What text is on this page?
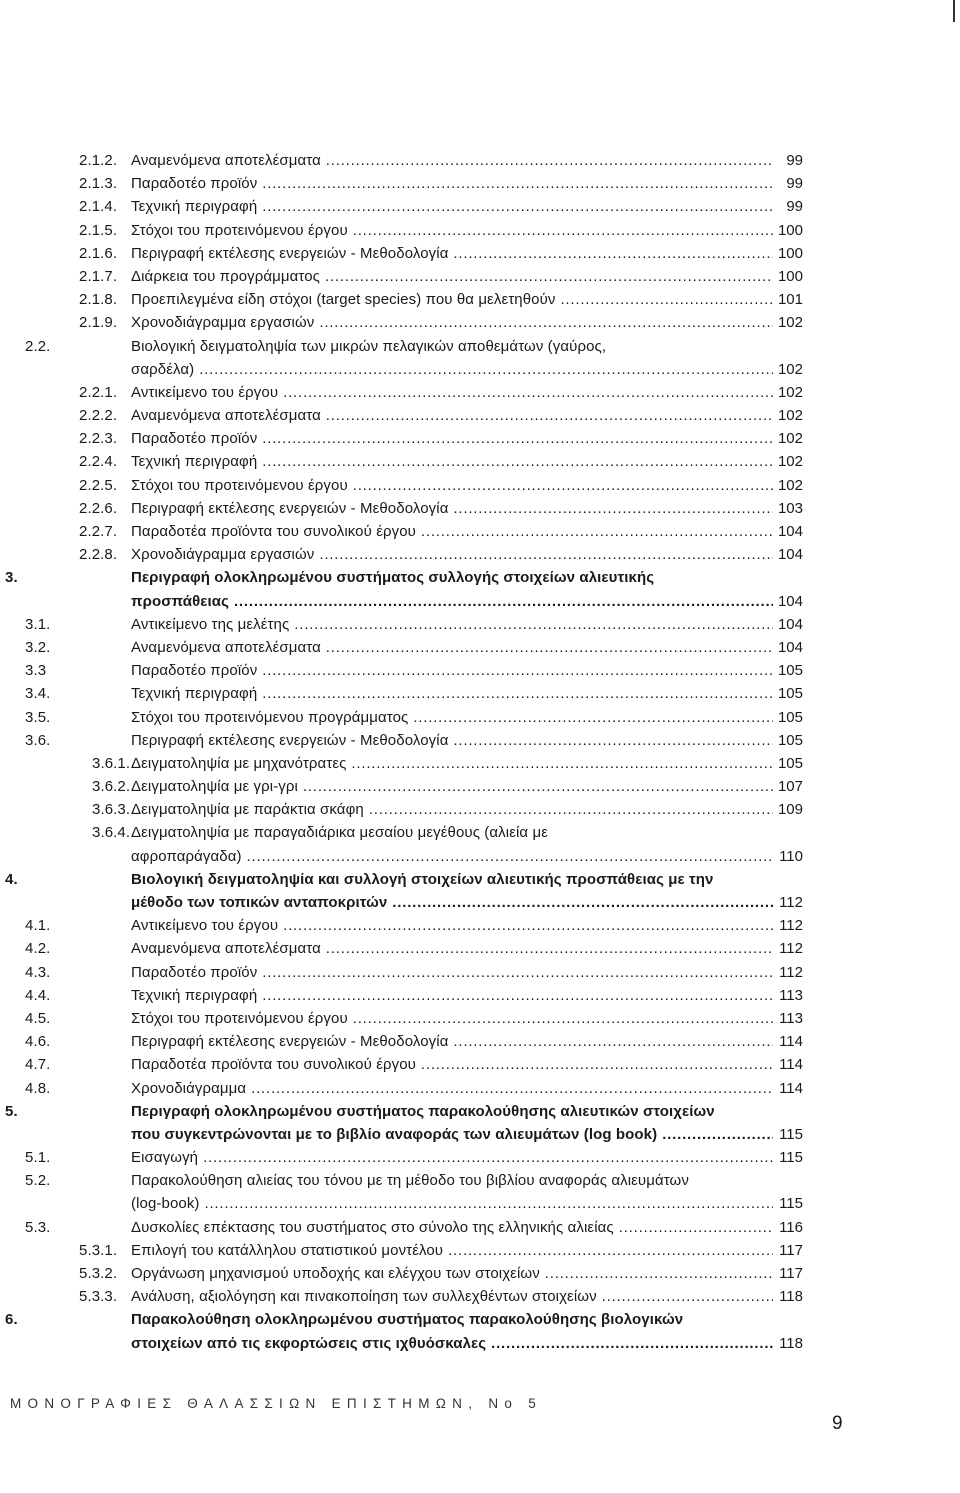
2.1.2. Αναμενόμενα αποτελέσματα .....	99
2.1.3. Παραδοτέο προϊόν .....	99
2.1.4. Τεχνική περιγραφή .....	99
2.1.5. Στόχοι του προτεινόμενου έργου .....	100
2.1.6. Περιγραφή εκτέλεσης ενεργειών - Μεθοδολογία .....	100
2.1.7. Διάρκεια του προγράμματος .....	100
2.1.8. Προεπιλεγμένα είδη στόχοι (target species) που θα μελετηθούν .....	101
2.1.9. Χρονοδιάγραμμα εργασιών .....	102
2.2.	Βιολογική δειγματοληψία των μικρών πελαγικών αποθεμάτων (γαύρος,
σαρδέλα) .....	102
2.2.1. Αντικείμενο του έργου .....	102
2.2.2. Αναμενόμενα αποτελέσματα .....	102
2.2.3. Παραδοτέο προϊόν .....	102
2.2.4. Τεχνική περιγραφή .....	102
2.2.5. Στόχοι του προτεινόμενου έργου .....	102
2.2.6. Περιγραφή εκτέλεσης ενεργειών - Μεθοδολογία .....	103
2.2.7. Παραδοτέα προϊόντα του συνολικού έργου .....	104
2.2.8. Χρονοδιάγραμμα εργασιών .....	104
3.	Περιγραφή ολοκληρωμένου συστήματος συλλογής στοιχείων αλιευτικής
προσπάθειας .....	104
3.1.	Αντικείμενο της μελέτης .....	104
3.2.	Αναμενόμενα αποτελέσματα .....	104
3.3	Παραδοτέο προϊόν .....	105
3.4.	Τεχνική περιγραφή .....	105
3.5.	Στόχοι του προτεινόμενου προγράμματος .....	105
3.6.	Περιγραφή εκτέλεσης ενεργειών - Μεθοδολογία .....	105
3.6.1. Δειγματοληψία με μηχανότρατες .....	105
3.6.2. Δειγματοληψία με γρι-γρι .....	107
3.6.3. Δειγματοληψία με παράκτια σκάφη .....	109
3.6.4. Δειγματοληψία με παραγαδιάρικα μεσαίου μεγέθους (αλιεία με
αφροπαράγαδα) .....	110
4.	Βιολογική δειγματοληψία και συλλογή στοιχείων αλιευτικής προσπάθειας με την
μέθοδο των τοπικών ανταποκριτών .....	112
4.1.	Αντικείμενο του έργου .....	112
4.2.	Αναμενόμενα αποτελέσματα .....	112
4.3.	Παραδοτέο προϊόν .....	112
4.4.	Τεχνική περιγραφή .....	113
4.5.	Στόχοι του προτεινόμενου έργου .....	113
4.6.	Περιγραφή εκτέλεσης ενεργειών - Μεθοδολογία .....	114
4.7.	Παραδοτέα προϊόντα του συνολικού έργου .....	114
4.8.	Χρονοδιάγραμμα .....	114
5.	Περιγραφή ολοκληρωμένου συστήματος παρακολούθησης αλιευτικών στοιχείων
που συγκεντρώνονται με το βιβλίο αναφοράς των αλιευμάτων (log book) .....	115
5.1.	Εισαγωγή .....	115
5.2.	Παρακολούθηση αλιείας του τόνου με τη μέθοδο του βιβλίου αναφοράς αλιευμάτων
(log-book) .....	115
5.3.	Δυσκολίες επέκτασης του συστήματος στο σύνολο της ελληνικής αλιείας .....	116
5.3.1. Επιλογή του κατάλληλου στατιστικού μοντέλου .....	117
5.3.2. Οργάνωση μηχανισμού υποδοχής και ελέγχου των στοιχείων .....	117
5.3.3. Ανάλυση, αξιολόγηση και πινακοποίηση των συλλεχθέντων στοιχείων .....	118
6.	Παρακολούθηση ολοκληρωμένου συστήματος παρακολούθησης βιολογικών
στοιχείων από τις εκφορτώσεις στις ιχθυόσκαλες .....	118
ΜΟΝΟΓΡΑΦΙΕΣ ΘΑΛΑΣΣΙΩΝ ΕΠΙΣΤΗΜΩΝ, Νο 5
9
